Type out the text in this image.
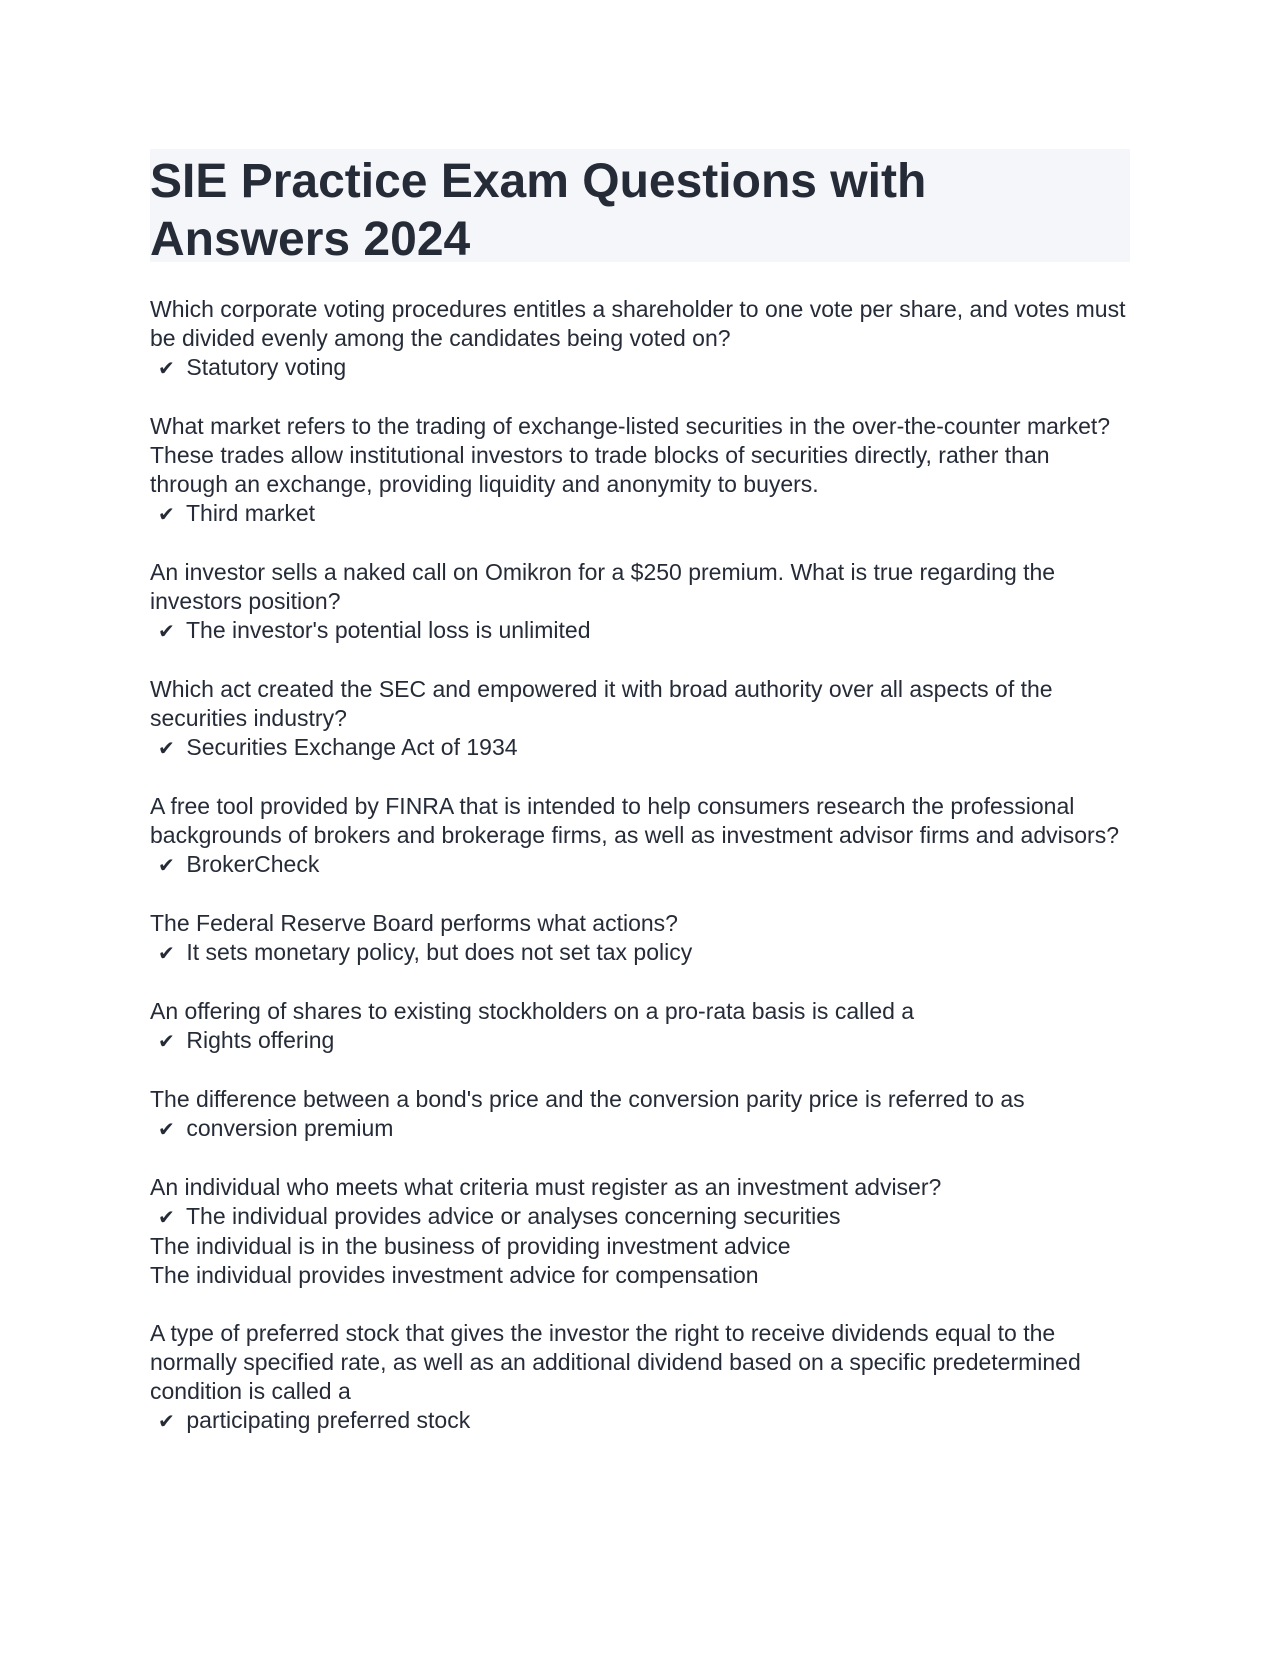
SIE Practice Exam Questions with Answers 2024
Which corporate voting procedures entitles a shareholder to one vote per share, and votes must be divided evenly among the candidates being voted on?
✔ Statutory voting
What market refers to the trading of exchange-listed securities in the over-the-counter market? These trades allow institutional investors to trade blocks of securities directly, rather than through an exchange, providing liquidity and anonymity to buyers.
✔ Third market
An investor sells a naked call on Omikron for a $250 premium. What is true regarding the investors position?
✔ The investor's potential loss is unlimited
Which act created the SEC and empowered it with broad authority over all aspects of the securities industry?
✔ Securities Exchange Act of 1934
A free tool provided by FINRA that is intended to help consumers research the professional backgrounds of brokers and brokerage firms, as well as investment advisor firms and advisors?
✔ BrokerCheck
The Federal Reserve Board performs what actions?
✔ It sets monetary policy, but does not set tax policy
An offering of shares to existing stockholders on a pro-rata basis is called a
✔ Rights offering
The difference between a bond's price and the conversion parity price is referred to as
✔ conversion premium
An individual who meets what criteria must register as an investment adviser?
✔ The individual provides advice or analyses concerning securities
The individual is in the business of providing investment advice
The individual provides investment advice for compensation
A type of preferred stock that gives the investor the right to receive dividends equal to the normally specified rate, as well as an additional dividend based on a specific predetermined condition is called a
✔ participating preferred stock
